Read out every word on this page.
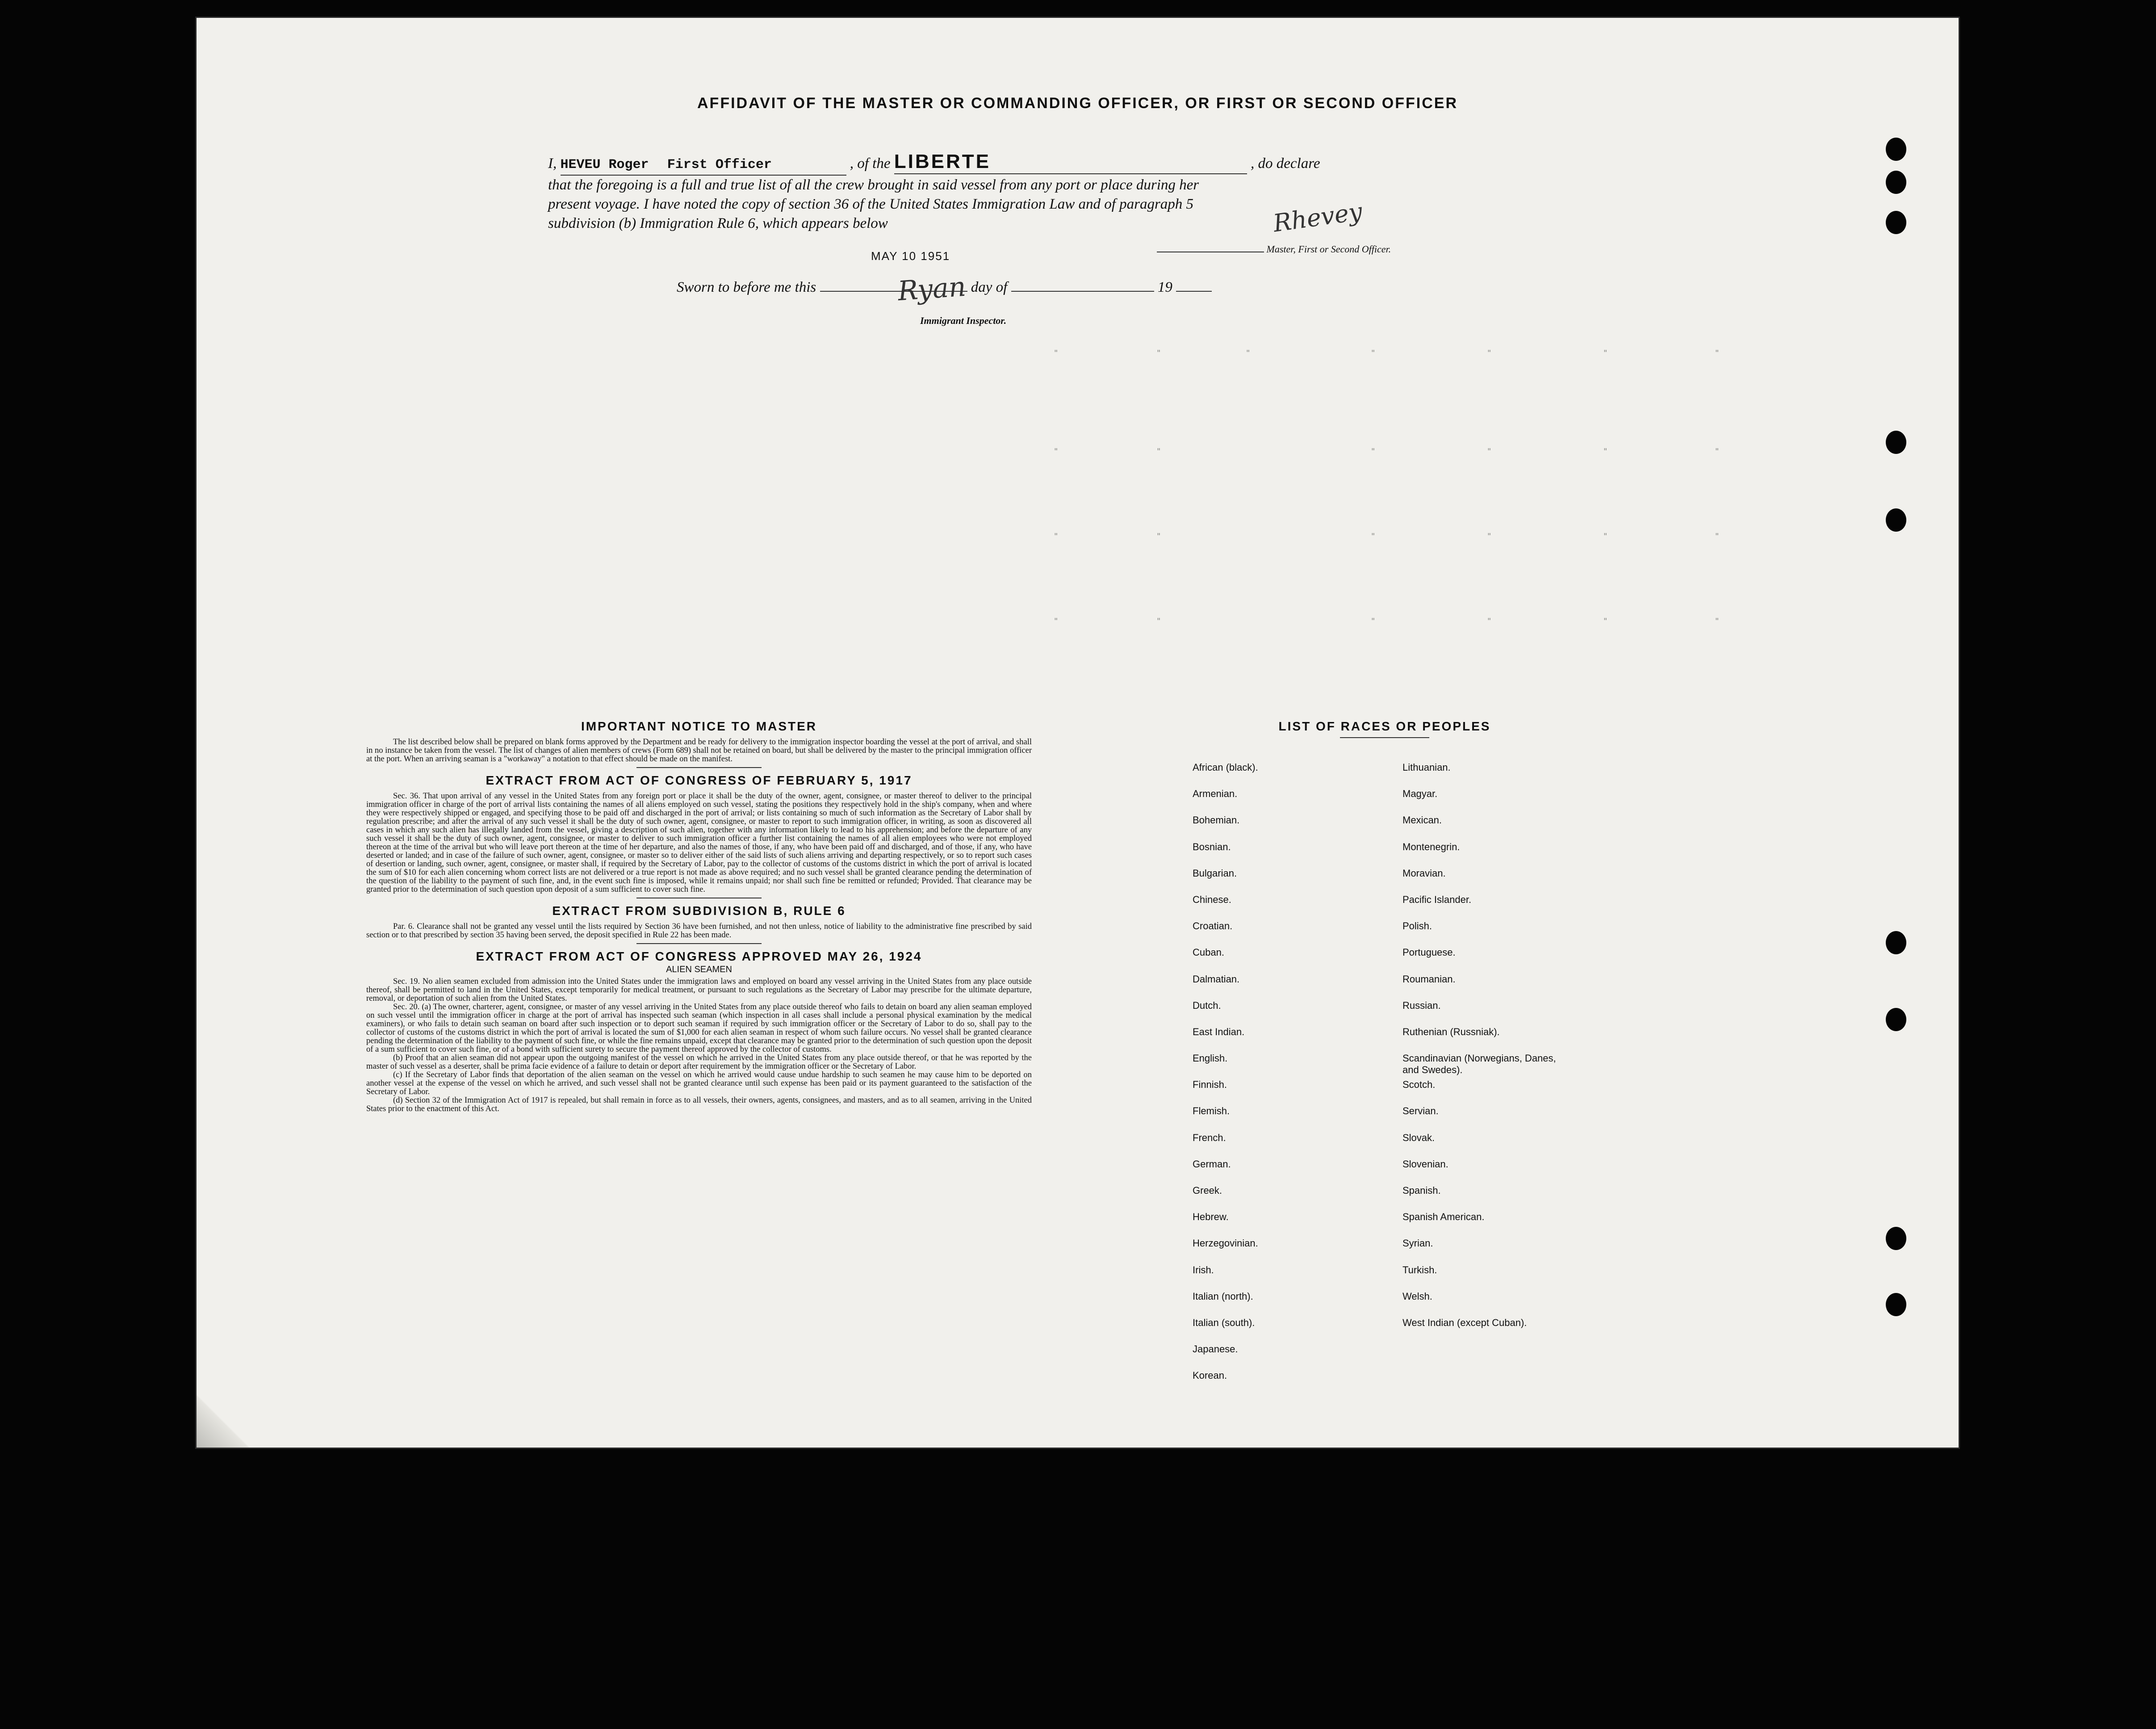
"	"	"	"	"	"	"
"	"	"	"	"	"
"	"	"	"	"	"
"	"	"	"	"	"
AFFIDAVIT OF THE MASTER OR COMMANDING OFFICER, OR FIRST OR SECOND OFFICER
I, HEVEU Roger First Officer	, of the LIBERTE	, do declare
that the foregoing is a full and true list of all the crew brought in said vessel from any port or place during her
present voyage. I have noted the copy of section 36 of the United States Immigration Law and of paragraph 5
subdivision (b) Immigration Rule 6, which appears below	Rhevey
Master, First or Second Officer.
MAY 10 1951
Sworn to before me this	day of	19
Ryan
Immigrant Inspector.

IMPORTANT NOTICE TO MASTER

The list described below shall be prepared on blank forms approved by the Department and be ready for delivery to the immigration inspector boarding the vessel at the port of arrival, and shall in no instance be taken from the vessel. The list of changes of alien members of crews (Form 689) shall not be retained on board, but shall be delivered by the master to the principal immigration officer at the port. When an arriving seaman is a "workaway" a notation to that effect should be made on the manifest.

EXTRACT FROM ACT OF CONGRESS OF FEBRUARY 5, 1917

Sec. 36. That upon arrival of any vessel in the United States from any foreign port or place it shall be the duty of the owner, agent, consignee, or master thereof to deliver to the principal immigration officer in charge of the port of arrival lists containing the names of all aliens employed on such vessel, stating the positions they respectively hold in the ship's company, when and where they were respectively shipped or engaged, and specifying those to be paid off and discharged in the port of arrival; or lists containing so much of such information as the Secretary of Labor shall by regulation prescribe; and after the arrival of any such vessel it shall be the duty of such owner, agent, consignee, or master to report to such immigration officer, in writing, as soon as discovered all cases in which any such alien has illegally landed from the vessel, giving a description of such alien, together with any information likely to lead to his apprehension; and before the departure of any such vessel it shall be the duty of such owner, agent, consignee, or master to deliver to such immigration officer a further list containing the names of all alien employees who were not employed thereon at the time of the arrival but who will leave port thereon at the time of her departure, and also the names of those, if any, who have been paid off and discharged, and of those, if any, who have deserted or landed; and in case of the failure of such owner, agent, consignee, or master so to deliver either of the said lists of such aliens arriving and departing respectively, or so to report such cases of desertion or landing, such owner, agent, consignee, or master shall, if required by the Secretary of Labor, pay to the collector of customs of the customs district in which the port of arrival is located the sum of $10 for each alien concerning whom correct lists are not delivered or a true report is not made as above required; and no such vessel shall be granted clearance pending the determination of the question of the liability to the payment of such fine, and, in the event such fine is imposed, while it remains unpaid; nor shall such fine be remitted or refunded; Provided. That clearance may be granted prior to the determination of such question upon deposit of a sum sufficient to cover such fine.

EXTRACT FROM SUBDIVISION B, RULE 6

Par. 6. Clearance shall not be granted any vessel until the lists required by Section 36 have been furnished, and not then unless, notice of liability to the administrative fine prescribed by said section or to that prescribed by section 35 having been served, the deposit specified in Rule 22 has been made.

EXTRACT FROM ACT OF CONGRESS APPROVED MAY 26, 1924

ALIEN SEAMEN

Sec. 19. No alien seamen excluded from admission into the United States under the immigration laws and employed on board any vessel arriving in the United States from any place outside thereof, shall be permitted to land in the United States, except temporarily for medical treatment, or pursuant to such regulations as the Secretary of Labor may prescribe for the ultimate departure, removal, or deportation of such alien from the United States.

Sec. 20. (a) The owner, charterer, agent, consignee, or master of any vessel arriving in the United States from any place outside thereof who fails to detain on board any alien seaman employed on such vessel until the immigration officer in charge at the port of arrival has inspected such seaman (which inspection in all cases shall include a personal physical examination by the medical examiners), or who fails to detain such seaman on board after such inspection or to deport such seaman if required by such immigration officer or the Secretary of Labor to do so, shall pay to the collector of customs of the customs district in which the port of arrival is located the sum of $1,000 for each alien seaman in respect of whom such failure occurs. No vessel shall be granted clearance pending the determination of the liability to the payment of such fine, or while the fine remains unpaid, except that clearance may be granted prior to the determination of such question upon the deposit of a sum sufficient to cover such fine, or of a bond with sufficient surety to secure the payment thereof approved by the collector of customs.

(b) Proof that an alien seaman did not appear upon the outgoing manifest of the vessel on which he arrived in the United States from any place outside thereof, or that he was reported by the master of such vessel as a deserter, shall be prima facie evidence of a failure to detain or deport after requirement by the immigration officer or the Secretary of Labor.

(c) If the Secretary of Labor finds that deportation of the alien seaman on the vessel on which he arrived would cause undue hardship to such seamen he may cause him to be deported on another vessel at the expense of the vessel on which he arrived, and such vessel shall not be granted clearance until such expense has been paid or its payment guaranteed to the satisfaction of the Secretary of Labor.

(d) Section 32 of the Immigration Act of 1917 is repealed, but shall remain in force as to all vessels, their owners, agents, consignees, and masters, and as to all seamen, arriving in the United States prior to the enactment of this Act.

LIST OF RACES OR PEOPLES

African (black).
Armenian.
Bohemian.
Bosnian.
Bulgarian.
Chinese.
Croatian.
Cuban.
Dalmatian.
Dutch.
East Indian.
English.
Finnish.
Flemish.
French.
German.
Greek.
Hebrew.
Herzegovinian.
Irish.
Italian (north).
Italian (south).
Japanese.
Korean.
Lithuanian.
Magyar.
Mexican.
Montenegrin.
Moravian.
Pacific Islander.
Polish.
Portuguese.
Roumanian.
Russian.
Ruthenian (Russniak).
Scandinavian (Norwegians, Danes, and Swedes).
Scotch.
Servian.
Slovak.
Slovenian.
Spanish.
Spanish American.
Syrian.
Turkish.
Welsh.
West Indian (except Cuban).
